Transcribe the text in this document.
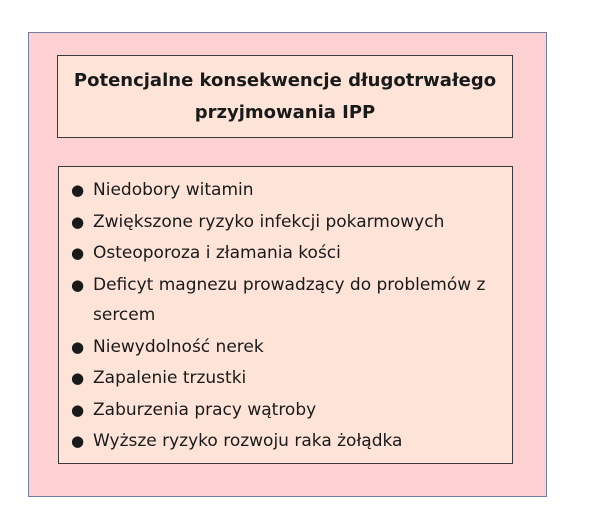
Potencjalne konsekwencje długotrwałego przyjmowania IPP

● Niedobory witamin
● Zwiększone ryzyko infekcji pokarmowych
● Osteoporoza i złamania kości
● Deficyt magnezu prowadzący do problemów z sercem
● Niewydolność nerek
● Zapalenie trzustki
● Zaburzenia pracy wątroby
● Wyższe ryzyko rozwoju raka żołądka
